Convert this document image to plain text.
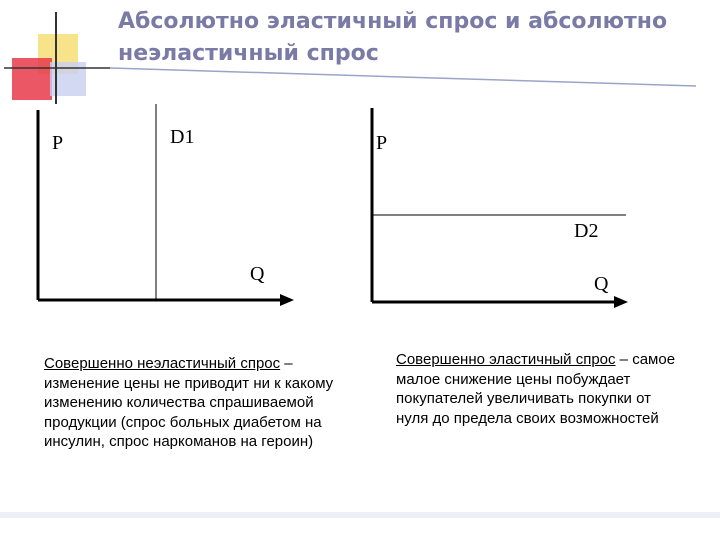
Абсолютно эластичный спрос и абсолютно
неэластичный спрос
P	D1
Q
P
D2
Q
Совершенно неэластичный спрос – изменение цены не приводит ни к какому изменению количества спрашиваемой продукции (спрос больных диабетом на инсулин, спрос наркоманов на героин)
Совершенно эластичный спрос – самое малое снижение цены побуждает покупателей увеличивать покупки от нуля до предела своих возможностей
